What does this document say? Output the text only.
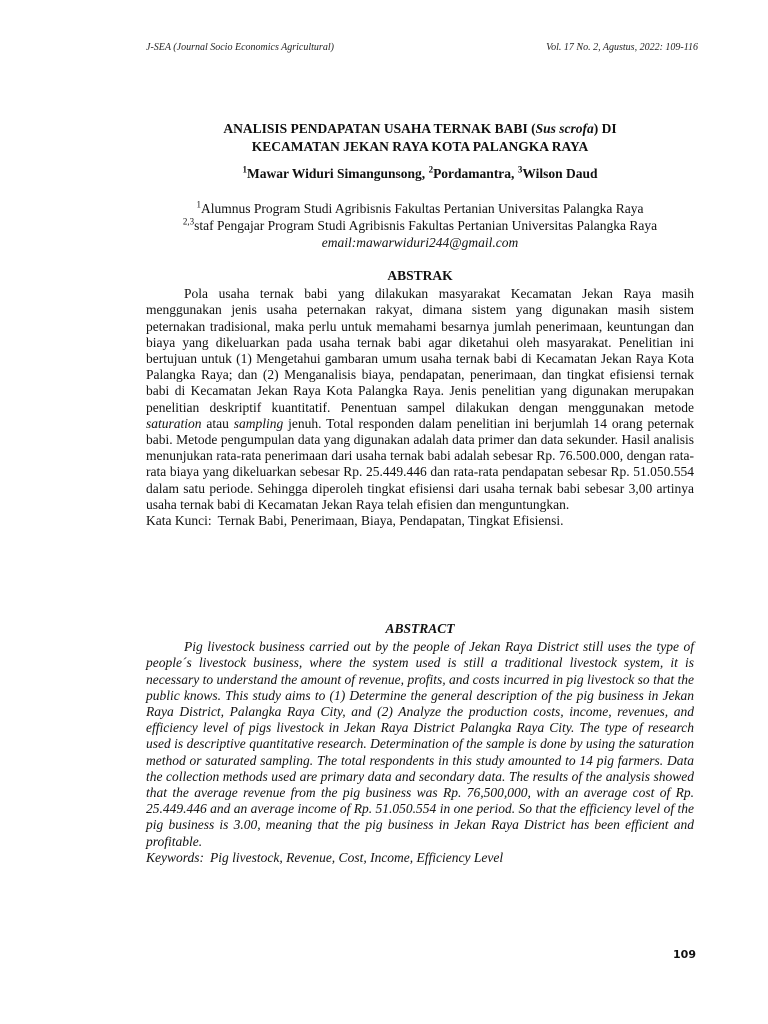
J-SEA (Journal Socio Economics Agricultural)	Vol. 17 No. 2, Agustus, 2022: 109-116
ANALISIS PENDAPATAN USAHA TERNAK BABI (Sus scrofa) DI
KECAMATAN JEKAN RAYA KOTA PALANGKA RAYA
$^1$Mawar Widuri Simangunsong, $^2$Pordamantra, $^3$Wilson Daud
$^1$Alumnus Program Studi Agribisnis Fakultas Pertanian Universitas Palangka Raya
$^{2,3}$staf Pengajar Program Studi Agribisnis Fakultas Pertanian Universitas Palangka Raya
email:mawarwiduri244@gmail.com
ABSTRAK

Pola usaha ternak babi yang dilakukan masyarakat Kecamatan Jekan Raya masih menggunakan jenis usaha peternakan rakyat, dimana sistem yang digunakan masih sistem peternakan tradisional, maka perlu untuk memahami besarnya jumlah penerimaan, keuntungan dan biaya yang dikeluarkan pada usaha ternak babi agar diketahui oleh masyarakat. Penelitian ini bertujuan untuk (1) Mengetahui gambaran umum usaha ternak babi di Kecamatan Jekan Raya Kota Palangka Raya; dan (2) Menganalisis biaya, pendapatan, penerimaan, dan tingkat efisiensi ternak babi di Kecamatan Jekan Raya Kota Palangka Raya. Jenis penelitian yang digunakan merupakan penelitian deskriptif kuantitatif. Penentuan sampel dilakukan dengan menggunakan metode saturation atau sampling jenuh. Total responden dalam penelitian ini berjumlah 14 orang peternak babi. Metode pengumpulan data yang digunakan adalah data primer dan data sekunder. Hasil analisis menunjukan rata-rata penerimaan dari usaha ternak babi adalah sebesar Rp. 76.500.000, dengan rata-rata biaya yang dikeluarkan sebesar Rp. 25.449.446 dan rata-rata pendapatan sebesar Rp. 51.050.554 dalam satu periode. Sehingga diperoleh tingkat efisiensi dari usaha ternak babi sebesar 3,00 artinya usaha ternak babi di Kecamatan Jekan Raya telah efisien dan menguntungkan.

Kata Kunci: Ternak Babi, Penerimaan, Biaya, Pendapatan, Tingkat Efisiensi.
ABSTRACT

Pig livestock business carried out by the people of Jekan Raya District still uses the type of people´s livestock business, where the system used is still a traditional livestock system, it is necessary to understand the amount of revenue, profits, and costs incurred in pig livestock so that the public knows. This study aims to (1) Determine the general description of the pig business in Jekan Raya District, Palangka Raya City, and (2) Analyze the production costs, income, revenues, and efficiency level of pigs livestock in Jekan Raya District Palangka Raya City. The type of research used is descriptive quantitative research. Determination of the sample is done by using the saturation method or saturated sampling. The total respondents in this study amounted to 14 pig farmers. Data the collection methods used are primary data and secondary data. The results of the analysis showed that the average revenue from the pig business was Rp. 76,500,000, with an average cost of Rp. 25.449.446 and an average income of Rp. 51.050.554 in one period. So that the efficiency level of the pig business is 3.00, meaning that the pig business in Jekan Raya District has been efficient and profitable.

Keywords: Pig livestock, Revenue, Cost, Income, Efficiency Level
109
